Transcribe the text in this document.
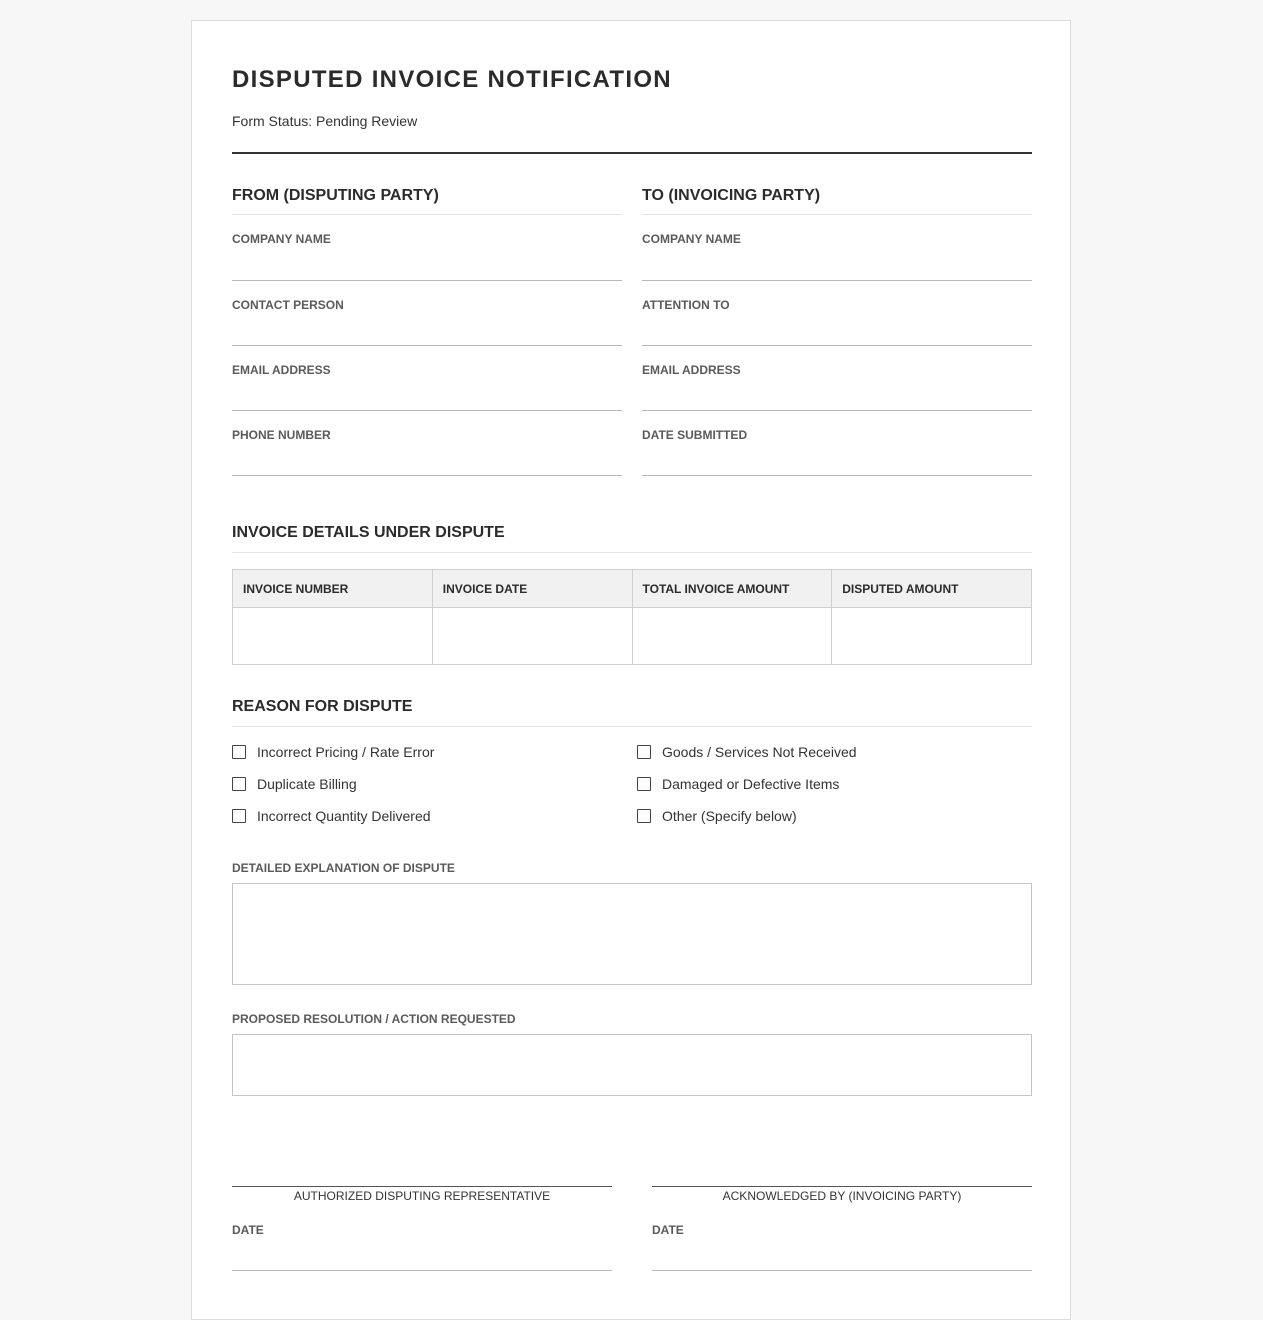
DISPUTED INVOICE NOTIFICATION
Form Status: Pending Review
FROM (DISPUTING PARTY)
COMPANY NAME
CONTACT PERSON
EMAIL ADDRESS
PHONE NUMBER
TO (INVOICING PARTY)
COMPANY NAME
ATTENTION TO
EMAIL ADDRESS
DATE SUBMITTED
INVOICE DETAILS UNDER DISPUTE
INVOICE NUMBER	INVOICE DATE	TOTAL INVOICE AMOUNT	DISPUTED AMOUNT

REASON FOR DISPUTE
Incorrect Pricing / Rate Error
Duplicate Billing
Incorrect Quantity Delivered
Goods / Services Not Received
Damaged or Defective Items
Other (Specify below)
DETAILED EXPLANATION OF DISPUTE
PROPOSED RESOLUTION / ACTION REQUESTED
AUTHORIZED DISPUTING REPRESENTATIVE	ACKNOWLEDGED BY (INVOICING PARTY)
DATE	DATE
